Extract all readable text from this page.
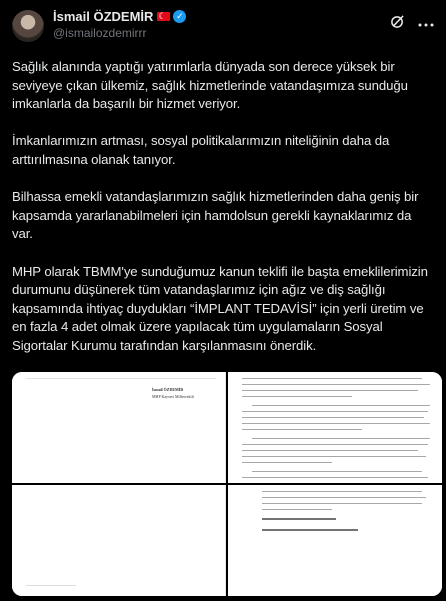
İsmail ÖZDEMİR
☾	✓
@ismailozdemirrr

Sağlık alanında yaptığı yatırımlarla dünyada son derece yüksek bir seviyeye çıkan ülkemiz, sağlık hizmetlerinde vatandaşımıza sunduğu imkanlarla da başarılı bir hizmet veriyor.

İmkanlarımızın artması, sosyal politikalarımızın niteliğinin daha da arttırılmasına olanak tanıyor.

Bilhassa emekli vatandaşlarımızın sağlık hizmetlerinden daha geniş bir kapsamda yararlanabilmeleri için hamdolsun gerekli kaynaklarımız da var.

MHP olarak TBMM'ye sunduğumuz kanun teklifi ile başta emeklilerimizin durumunu düşünerek tüm vatandaşlarımız için ağız ve diş sağlığı kapsamında ihtiyaç duydukları “İMPLANT TEDAVİSİ” için yerli üretim ve en fazla 4 adet olmak üzere yapılacak tüm uygulamaların Sosyal Sigortalar Kurumu tarafından karşılanmasını önerdik.

İsmail ÖZDEMİR
MHP Kayseri Milletvekili
